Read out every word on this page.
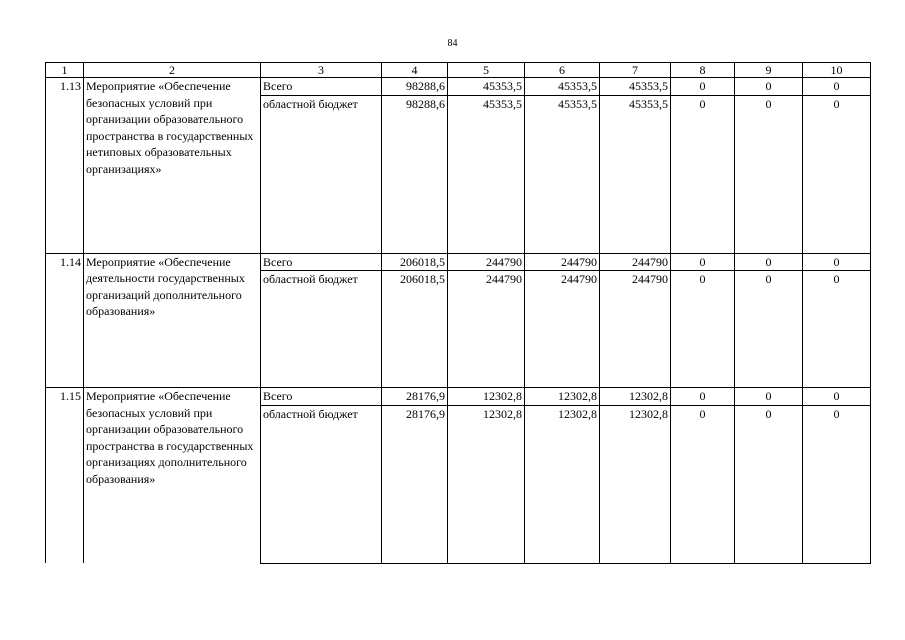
84
1	2	3	4	5	6	7	8	9	10
1.13	Мероприятие «Обеспечение безопасных условий при организации образовательного пространства в государственных нетиповых образовательных организациях»	Всего	98288,6	45353,5	45353,5	45353,5	0	0	0
		областной бюджет	98288,6	45353,5	45353,5	45353,5	0	0	0
1.14	Мероприятие «Обеспечение деятельности государственных организаций дополнительного образования»	Всего	206018,5	244790	244790	244790	0	0	0
		областной бюджет	206018,5	244790	244790	244790	0	0	0
1.15	Мероприятие «Обеспечение безопасных условий при организации образовательного пространства в государственных организациях дополнительного образования»	Всего	28176,9	12302,8	12302,8	12302,8	0	0	0
		областной бюджет	28176,9	12302,8	12302,8	12302,8	0	0	0
